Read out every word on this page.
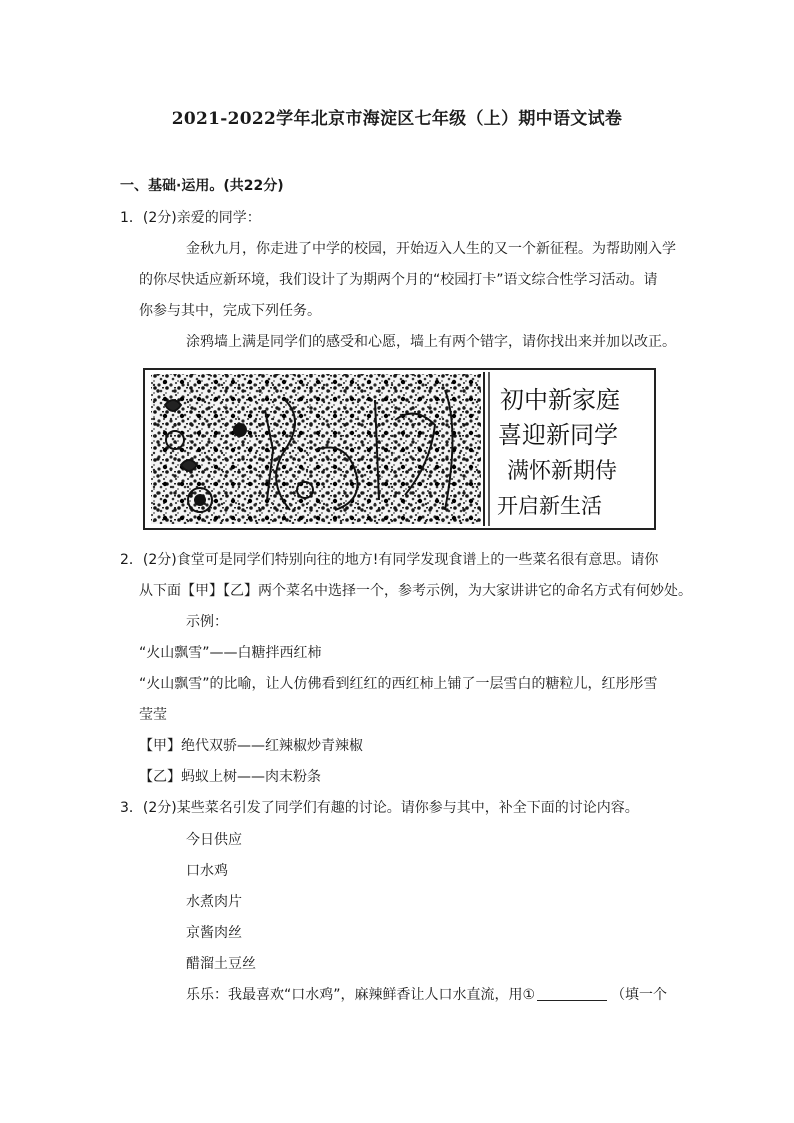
2021-2022学年北京市海淀区七年级（上）期中语文试卷
一、基础·运用。(共22分)
1．(2分)亲爱的同学：
金秋九月，你走进了中学的校园，开始迈入人生的又一个新征程。为帮助刚入学
的你尽快适应新环境，我们设计了为期两个月的“校园打卡”语文综合性学习活动。请
你参与其中，完成下列任务。
涂鸦墙上满是同学们的感受和心愿，墙上有两个错字，请你找出来并加以改正。
初中新家庭
喜迎新同学
满怀新期侍
开启新生活
2．(2分)食堂可是同学们特别向往的地方!有同学发现食谱上的一些菜名很有意思。请你
从下面【甲】【乙】两个菜名中选择一个，参考示例，为大家讲讲它的命名方式有何妙处。
示例：
“火山飘雪”——白糖拌西红柿
“火山飘雪”的比喻，让人仿佛看到红红的西红柿上铺了一层雪白的糖粒儿，红彤彤雪
莹莹
【甲】绝代双骄——红辣椒炒青辣椒
【乙】蚂蚁上树——肉末粉条
3．(2分)某些菜名引发了同学们有趣的讨论。请你参与其中，补全下面的讨论内容。
今日供应
口水鸡
水煮肉片
京酱肉丝
醋溜土豆丝
乐乐：我最喜欢“口水鸡”，麻辣鲜香让人口水直流，用①	（填一个
